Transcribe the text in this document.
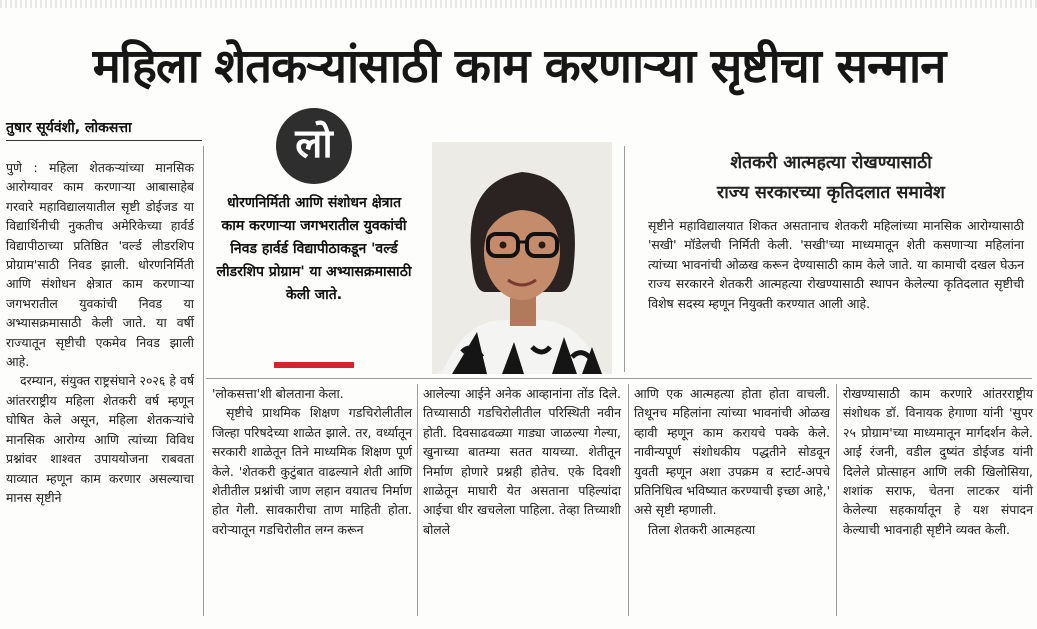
महिला शेतकऱ्यांसाठी काम करणाऱ्या सृष्टीचा सन्मान
तुषार सूर्यवंशी, लोकसत्ता

पुणे : महिला शेतकऱ्यांच्या मानसिक आरोग्यावर काम करणाऱ्या आबासाहेब गरवारे महाविद्यालयातील सृष्टी डोईजड या विद्यार्थिनीची नुकतीच अमेरिकेच्या हार्वर्ड विद्यापीठाच्या प्रतिष्ठित 'वर्ल्ड लीडरशिप प्रोग्राम'साठी निवड झाली. धोरणनिर्मिती आणि संशोधन क्षेत्रात काम करणाऱ्या जगभरातील युवकांची निवड या अभ्यासक्रमासाठी केली जाते. या वर्षी राज्यातून सृष्टीची एकमेव निवड झाली आहे.

दरम्यान, संयुक्त राष्ट्रसंघाने २०२६ हे वर्ष आंतरराष्ट्रीय महिला शेतकरी वर्ष म्हणून घोषित केले असून, महिला शेतकऱ्यांचे मानसिक आरोग्य आणि त्यांच्या विविध प्रश्नांवर शाश्वत उपाययोजना राबवता याव्यात म्हणून काम करणार असल्याचा मानस सृष्टीने

लो
धोरणनिर्मिती आणि संशोधन क्षेत्रात काम करणाऱ्या जगभरातील युवकांची निवड हार्वर्ड विद्यापीठाकडून 'वर्ल्ड लीडरशिप प्रोग्राम' या अभ्यासक्रमासाठी केली जाते.
शेतकरी आत्महत्या रोखण्यासाठी
राज्य सरकारच्या कृतिदलात समावेश
सृष्टीने महाविद्यालयात शिकत असतानाच शेतकरी महिलांच्या मानसिक आरोग्यासाठी 'सखी' मॉडेलची निर्मिती केली. 'सखी'च्या माध्यमातून शेती कसणाऱ्या महिलांना त्यांच्या भावनांची ओळख करून देण्यासाठी काम केले जाते. या कामाची दखल घेऊन राज्य सरकारने शेतकरी आत्महत्या रोखण्यासाठी स्थापन केलेल्या कृतिदलात सृष्टीची विशेष सदस्य म्हणून नियुक्ती करण्यात आली आहे.

'लोकसत्ता'शी बोलताना केला.

सृष्टीचे प्राथमिक शिक्षण गडचिरोलीतील जिल्हा परिषदेच्या शाळेत झाले. तर, वर्ध्यातून सरकारी शाळेतून तिने माध्यमिक शिक्षण पूर्ण केले. 'शेतकरी कुटुंबात वाढल्याने शेती आणि शेतीतील प्रश्नांची जाण लहान वयातच निर्माण होत गेली. सावकारीचा ताण माहिती होता. वरोऱ्यातून गडचिरोलीत लग्न करून

आलेल्या आईने अनेक आव्हानांना तोंड दिले. तिच्यासाठी गडचिरोलीतील परिस्थिती नवीन होती. दिवसाढवळ्या गाड्या जाळल्या गेल्या, खुनाच्या बातम्या सतत यायच्या. शेतीतून निर्माण होणारे प्रश्नही होतेच. एके दिवशी शाळेतून माघारी येत असताना पहिल्यांदा आईचा धीर खचलेला पाहिला. तेव्हा तिच्याशी बोलले

आणि एक आत्महत्या होता होता वाचली. तिथूनच महिलांना त्यांच्या भावनांची ओळख व्हावी म्हणून काम करायचे पक्के केले. नावीन्यपूर्ण संशोधकीय पद्धतीने सोडवून युवती म्हणून अशा उपक्रम व स्टार्ट-अपचे प्रतिनिधित्व भविष्यात करण्याची इच्छा आहे,' असे सृष्टी म्हणाली.

तिला शेतकरी आत्महत्या

रोखण्यासाठी काम करणारे आंतरराष्ट्रीय संशोधक डॉ. विनायक हेगाणा यांनी 'सुपर २५ प्रोग्राम'च्या माध्यमातून मार्गदर्शन केले. आई रंजनी, वडील दुष्यंत डोईजड यांनी दिलेले प्रोत्साहन आणि लकी खिलोसिया, शशांक सराफ, चेतना लाटकर यांनी केलेल्या सहकार्यातून हे यश संपादन केल्याची भावनाही सृष्टीने व्यक्त केली.
